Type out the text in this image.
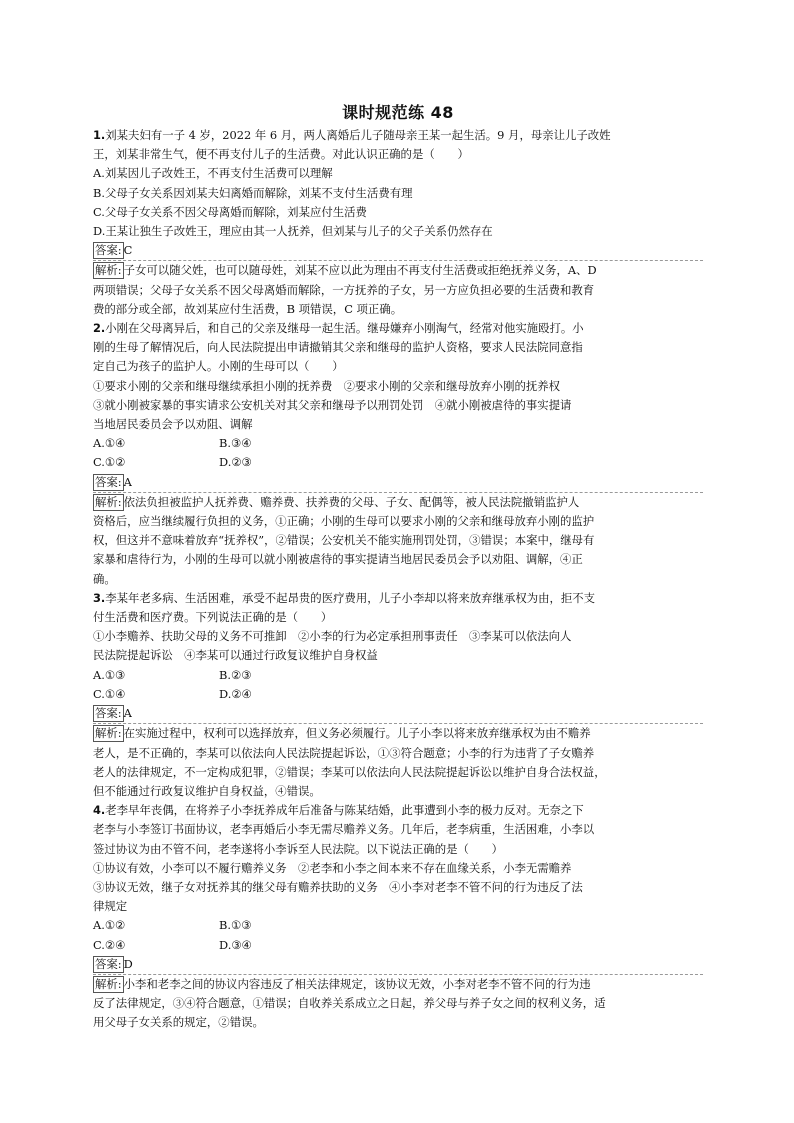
课时规范练 48
1.刘某夫妇有一子 4 岁，2022 年 6 月，两人离婚后儿子随母亲王某一起生活。9 月，母亲让儿子改姓
王，刘某非常生气，便不再支付儿子的生活费。对此认识正确的是（　　）
A.刘某因儿子改姓王，不再支付生活费可以理解
B.父母子女关系因刘某夫妇离婚而解除，刘某不支付生活费有理
C.父母子女关系不因父母离婚而解除，刘某应付生活费
D.王某让独生子改姓王，理应由其一人抚养，但刘某与儿子的父子关系仍然存在
答案: C
解析: 子女可以随父姓，也可以随母姓，刘某不应以此为理由不再支付生活费或拒绝抚养义务，A、D
两项错误；父母子女关系不因父母离婚而解除，一方抚养的子女，另一方应负担必要的生活费和教育
费的部分或全部，故刘某应付生活费，B 项错误，C 项正确。
2.小刚在父母离异后，和自己的父亲及继母一起生活。继母嫌弃小刚淘气，经常对他实施殴打。小
刚的生母了解情况后，向人民法院提出申请撤销其父亲和继母的监护人资格，要求人民法院同意指
定自己为孩子的监护人。小刚的生母可以（　　）
①要求小刚的父亲和继母继续承担小刚的抚养费　②要求小刚的父亲和继母放弃小刚的抚养权
③就小刚被家暴的事实请求公安机关对其父亲和继母予以刑罚处罚　④就小刚被虐待的事实提请
当地居民委员会予以劝阻、调解
A.①④	B.③④
C.①②	D.②③
答案: A
解析: 依法负担被监护人抚养费、赡养费、扶养费的父母、子女、配偶等，被人民法院撤销监护人
资格后，应当继续履行负担的义务，①正确；小刚的生母可以要求小刚的父亲和继母放弃小刚的监护
权，但这并不意味着放弃“抚养权”，②错误；公安机关不能实施刑罚处罚，③错误；本案中，继母有
家暴和虐待行为，小刚的生母可以就小刚被虐待的事实提请当地居民委员会予以劝阻、调解，④正
确。
3.李某年老多病、生活困难，承受不起昂贵的医疗费用，儿子小李却以将来放弃继承权为由，拒不支
付生活费和医疗费。下列说法正确的是（　　）
①小李赡养、扶助父母的义务不可推卸　②小李的行为必定承担刑事责任　③李某可以依法向人
民法院提起诉讼　④李某可以通过行政复议维护自身权益
A.①③	B.②③
C.①④	D.②④
答案: A
解析: 在实施过程中，权利可以选择放弃，但义务必须履行。儿子小李以将来放弃继承权为由不赡养
老人，是不正确的，李某可以依法向人民法院提起诉讼，①③符合题意；小李的行为违背了子女赡养
老人的法律规定，不一定构成犯罪，②错误；李某可以依法向人民法院提起诉讼以维护自身合法权益，
但不能通过行政复议维护自身权益，④错误。
4.老李早年丧偶，在将养子小李抚养成年后准备与陈某结婚，此事遭到小李的极力反对。无奈之下
老李与小李签订书面协议，老李再婚后小李无需尽赡养义务。几年后，老李病重，生活困难，小李以
签过协议为由不管不问，老李遂将小李诉至人民法院。以下说法正确的是（　　）
①协议有效，小李可以不履行赡养义务　②老李和小李之间本来不存在血缘关系，小李无需赡养
③协议无效，继子女对抚养其的继父母有赡养扶助的义务　④小李对老李不管不问的行为违反了法
律规定
A.①②	B.①③
C.②④	D.③④
答案: D
解析: 小李和老李之间的协议内容违反了相关法律规定，该协议无效，小李对老李不管不问的行为违
反了法律规定，③④符合题意，①错误；自收养关系成立之日起，养父母与养子女之间的权利义务，适
用父母子女关系的规定，②错误。
